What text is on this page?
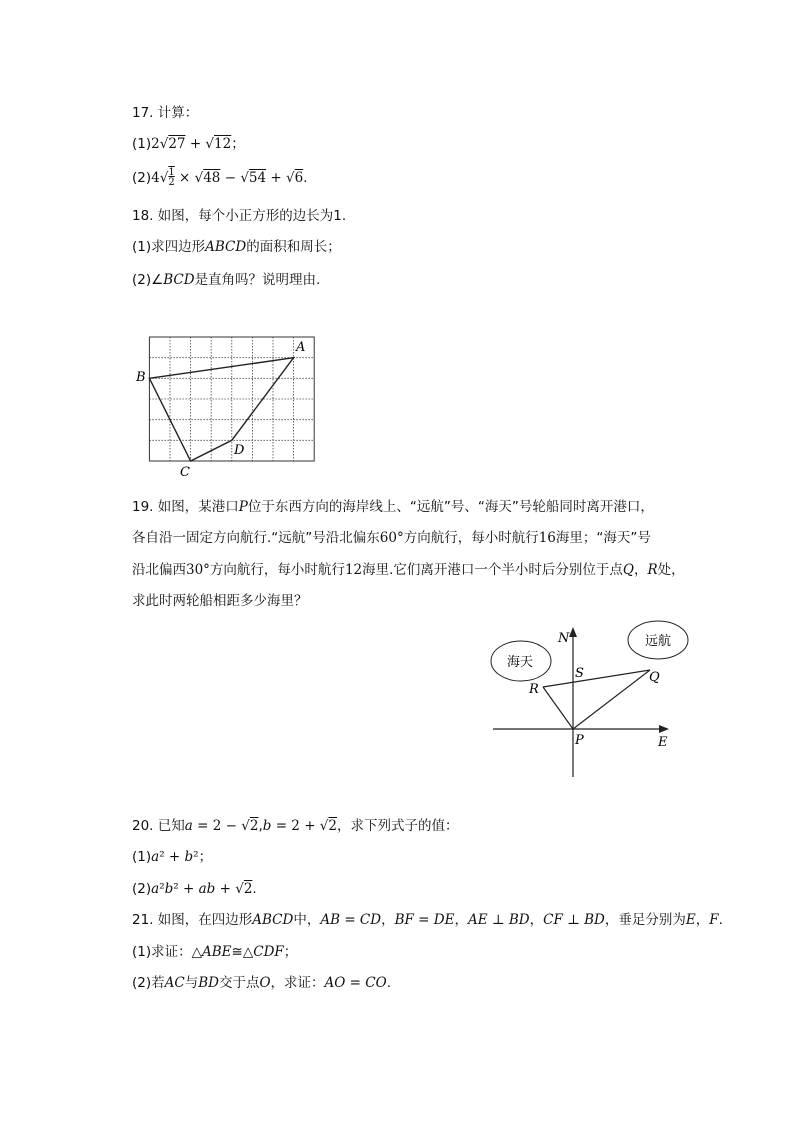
17. 计算：
(1)2√27 + √12；
(2)4√1
2 × √48 − √54 + √6.
18. 如图，每个小正方形的边长为1.
(1)求四边形ABCD的面积和周长；
(2)∠BCD是直角吗？说明理由.
A
B
C
D
19. 如图，某港口P位于东西方向的海岸线上、“远航”号、“海天”号轮船同时离开港口，
各自沿一固定方向航行.“远航”号沿北偏东60°方向航行，每小时航行16海里；“海天”号
沿北偏西30°方向航行，每小时航行12海里.它们离开港口一个半小时后分别位于点Q，R处，
求此时两轮船相距多少海里？
海天
远航
N
S	Q
R
P	E
20. 已知a = 2 − √2,b = 2 + √2，求下列式子的值：
(1)a² + b²；
(2)a²b² + ab + √2.
21. 如图，在四边形ABCD中，AB = CD，BF = DE，AE ⊥ BD，CF ⊥ BD，垂足分别为E，F.
(1)求证：△ABE≅△CDF；
(2)若AC与BD交于点O，求证：AO = CO.
